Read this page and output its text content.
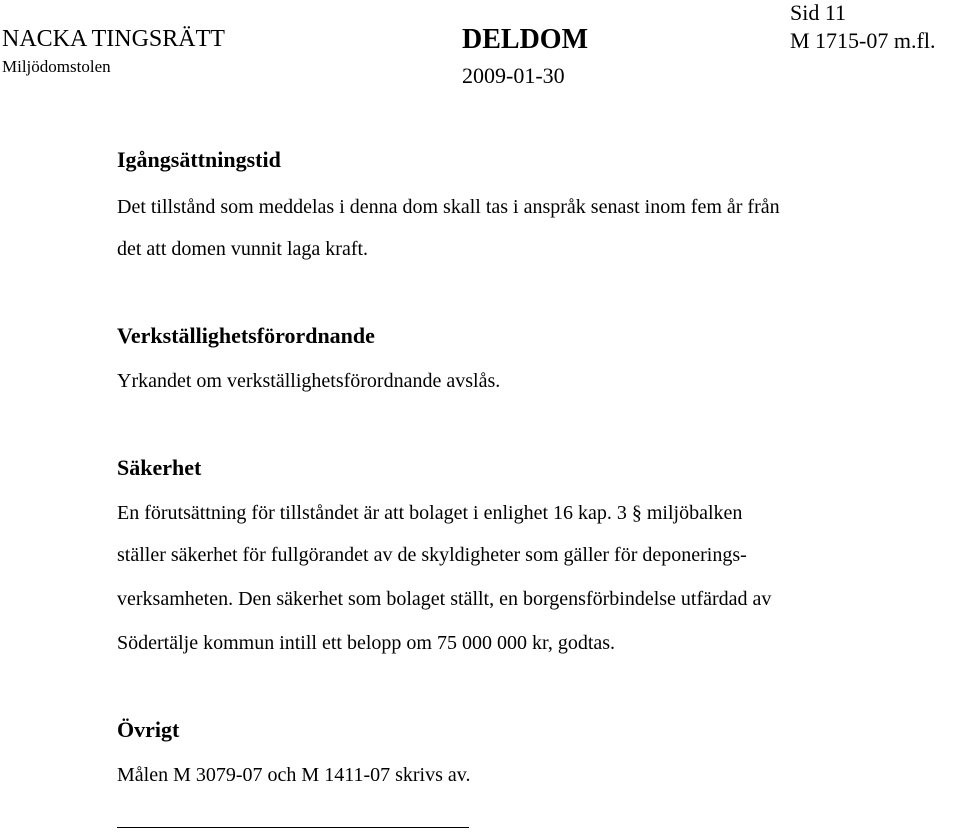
NACKA TINGSRÄTT
Miljödomstolen
DELDOM
2009-01-30
Sid 11
M 1715-07 m.fl.
Igångsättningstid
Det tillstånd som meddelas i denna dom skall tas i anspråk senast inom fem år från
det att domen vunnit laga kraft.
Verkställighetsförordnande
Yrkandet om verkställighetsförordnande avslås.
Säkerhet
En förutsättning för tillståndet är att bolaget i enlighet 16 kap. 3 § miljöbalken
ställer säkerhet för fullgörandet av de skyldigheter som gäller för deponerings-
verksamheten. Den säkerhet som bolaget ställt, en borgensförbindelse utfärdad av
Södertälje kommun intill ett belopp om 75 000 000 kr, godtas.
Övrigt
Målen M 3079-07 och M 1411-07 skrivs av.
